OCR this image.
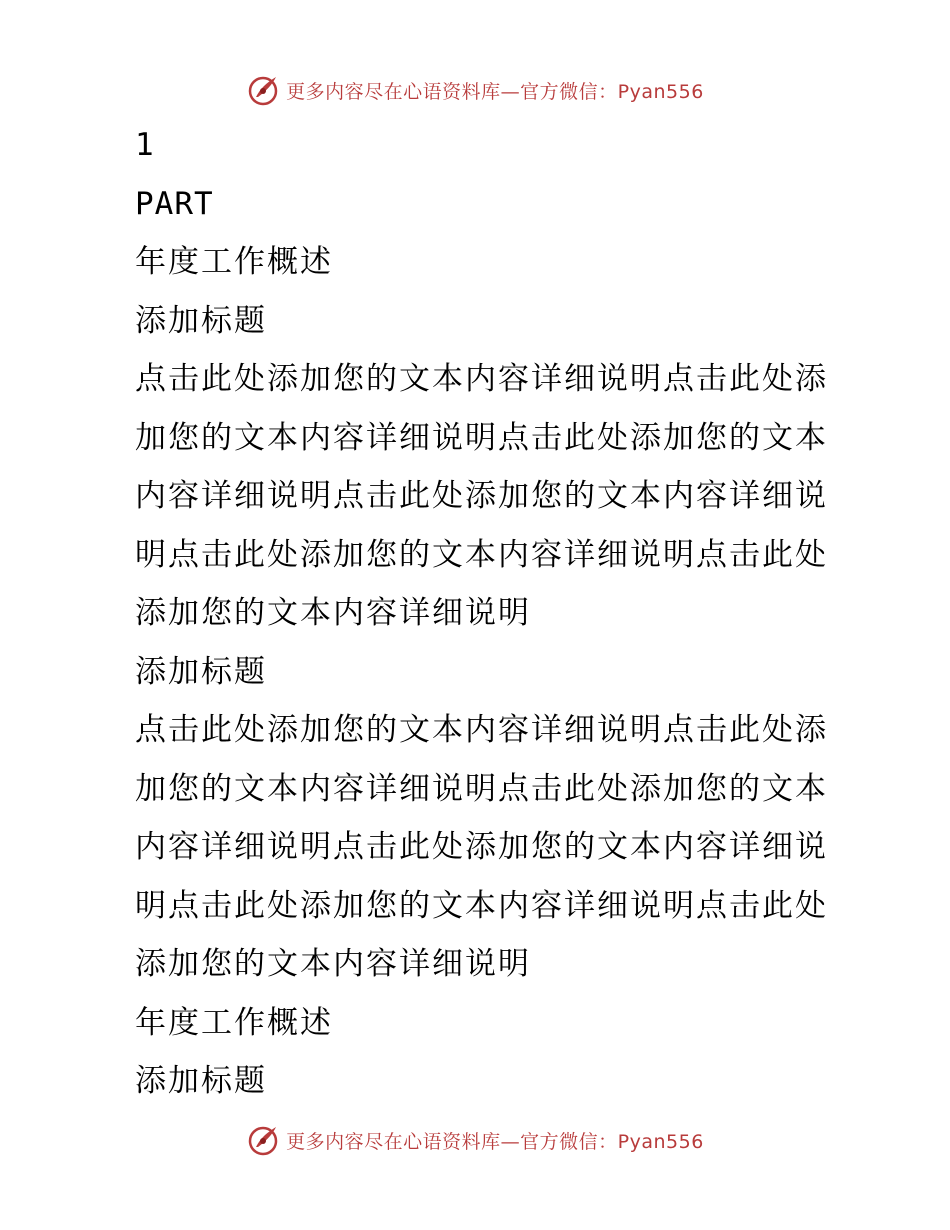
更多内容尽在心语资料库—官方微信：Pyan556
1
PART
年度工作概述
添加标题
点击此处添加您的文本内容详细说明点击此处添
加您的文本内容详细说明点击此处添加您的文本
内容详细说明点击此处添加您的文本内容详细说
明点击此处添加您的文本内容详细说明点击此处
添加您的文本内容详细说明
添加标题
点击此处添加您的文本内容详细说明点击此处添
加您的文本内容详细说明点击此处添加您的文本
内容详细说明点击此处添加您的文本内容详细说
明点击此处添加您的文本内容详细说明点击此处
添加您的文本内容详细说明
年度工作概述
添加标题
更多内容尽在心语资料库—官方微信：Pyan556
